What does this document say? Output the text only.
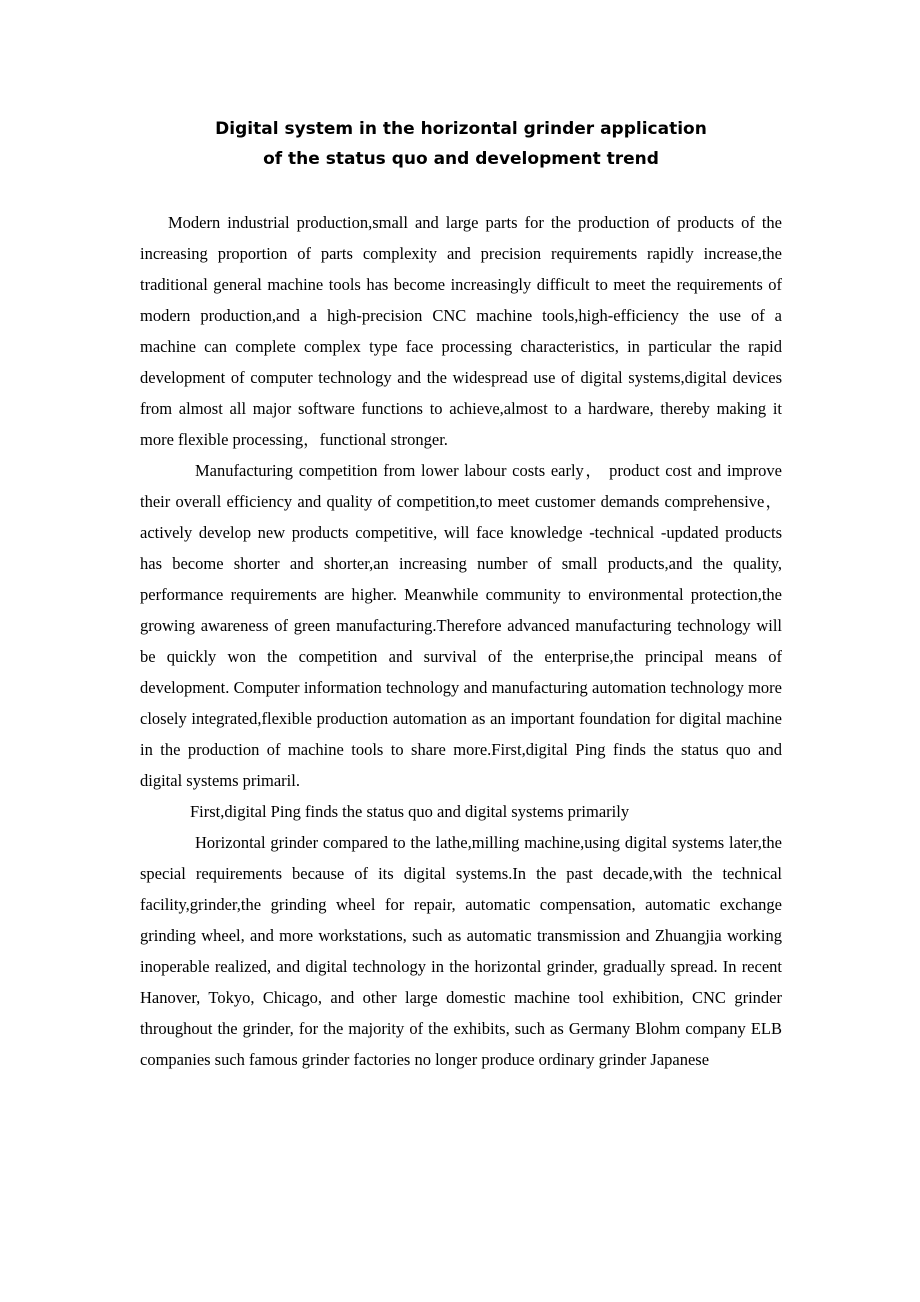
Digital system in the horizontal grinder application
of the status quo and development trend

Modern industrial production,small and large parts for the production of products of the increasing proportion of parts complexity and precision requirements rapidly increase,the traditional general machine tools has become increasingly difficult to meet the requirements of modern production,and a high-precision CNC machine tools,high-efficiency the use of a machine can complete complex type face processing characteristics, in particular the rapid development of computer technology and the widespread use of digital systems,digital devices from almost all major software functions to achieve,almost to a hardware, thereby making it more flexible processing，functional stronger.

Manufacturing competition from lower labour costs early， product cost and improve their overall efficiency and quality of competition,to meet customer demands comprehensive， actively develop new products competitive, will face knowledge -technical -updated products has become shorter and shorter,an increasing number of small products,and the quality, performance requirements are higher. Meanwhile community to environmental protection,the growing awareness of green manufacturing.Therefore advanced manufacturing technology will be quickly won the competition and survival of the enterprise,the principal means of development. Computer information technology and manufacturing automation technology more closely integrated,flexible production automation as an important foundation for digital machine in the production of machine tools to share more.First,digital Ping finds the status quo and digital systems primaril.

First,digital Ping finds the status quo and digital systems primarily

Horizontal grinder compared to the lathe,milling machine,using digital systems later,the special requirements because of its digital systems.In the past decade,with the technical facility,grinder,the grinding wheel for repair, automatic compensation, automatic exchange grinding wheel, and more workstations, such as automatic transmission and Zhuangjia working inoperable realized, and digital technology in the horizontal grinder, gradually spread. In recent Hanover, Tokyo, Chicago, and other large domestic machine tool exhibition, CNC grinder throughout the grinder, for the majority of the exhibits, such as Germany Blohm company ELB companies such famous grinder factories no longer produce ordinary grinder Japanese
